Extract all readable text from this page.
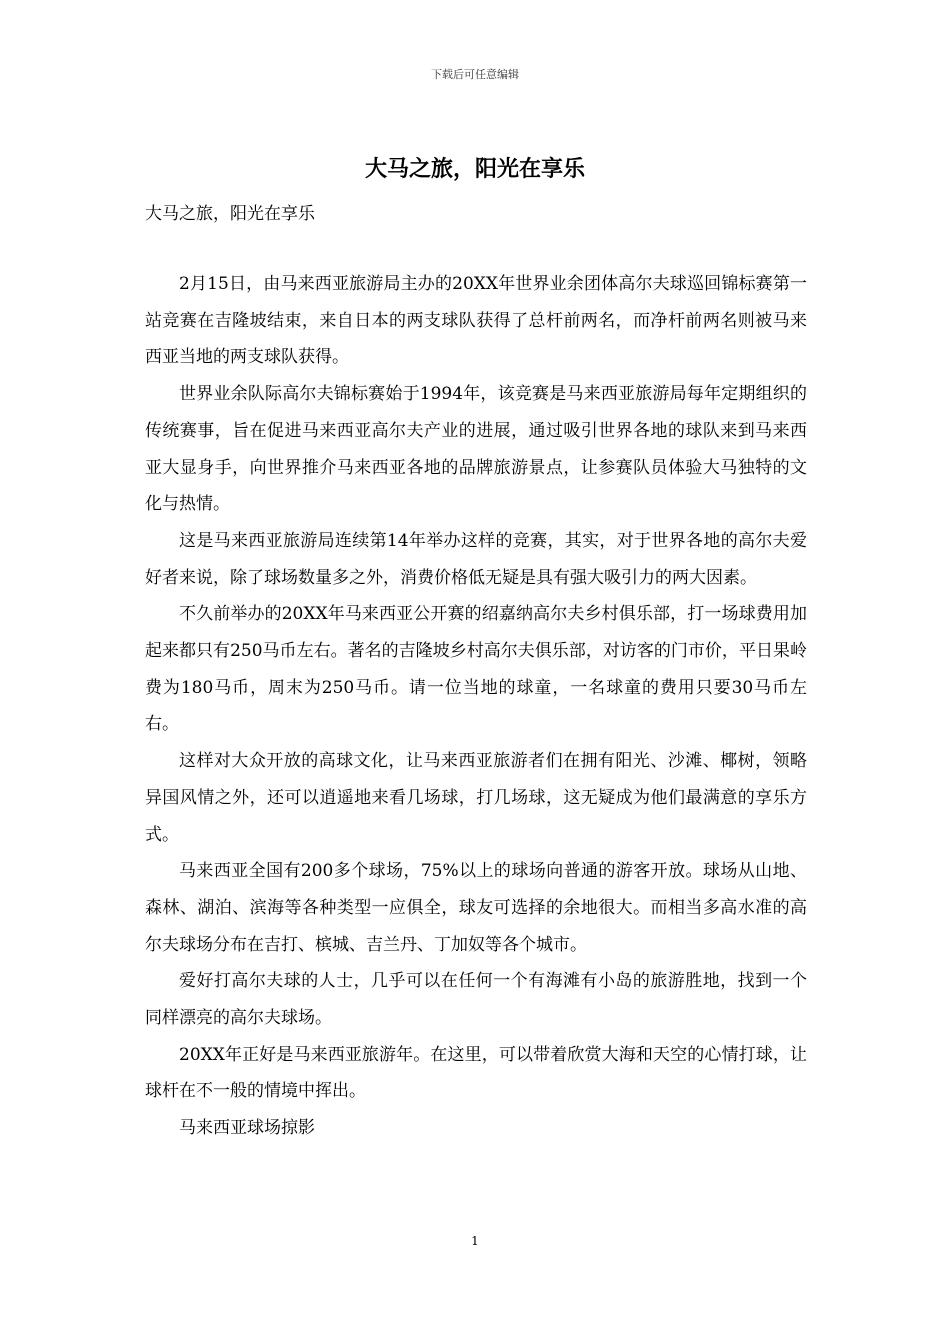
下载后可任意编辑
大马之旅，阳光在享乐
大马之旅，阳光在享乐

2月15日，由马来西亚旅游局主办的20XX年世界业余团体高尔夫球巡回锦标赛第一站竞赛在吉隆坡结束，来自日本的两支球队获得了总杆前两名，而净杆前两名则被马来西亚当地的两支球队获得。

世界业余队际高尔夫锦标赛始于1994年，该竞赛是马来西亚旅游局每年定期组织的传统赛事，旨在促进马来西亚高尔夫产业的进展，通过吸引世界各地的球队来到马来西亚大显身手，向世界推介马来西亚各地的品牌旅游景点，让参赛队员体验大马独特的文化与热情。

这是马来西亚旅游局连续第14年举办这样的竞赛，其实，对于世界各地的高尔夫爱好者来说，除了球场数量多之外，消费价格低无疑是具有强大吸引力的两大因素。

不久前举办的20XX年马来西亚公开赛的绍嘉纳高尔夫乡村俱乐部，打一场球费用加起来都只有250马币左右。著名的吉隆坡乡村高尔夫俱乐部，对访客的门市价，平日果岭费为180马币，周末为250马币。请一位当地的球童，一名球童的费用只要30马币左右。

这样对大众开放的高球文化，让马来西亚旅游者们在拥有阳光、沙滩、椰树，领略异国风情之外，还可以逍遥地来看几场球，打几场球，这无疑成为他们最满意的享乐方式。

马来西亚全国有200多个球场，75%以上的球场向普通的游客开放。球场从山地、森林、湖泊、滨海等各种类型一应俱全，球友可选择的余地很大。而相当多高水准的高尔夫球场分布在吉打、槟城、吉兰丹、丁加奴等各个城市。

爱好打高尔夫球的人士，几乎可以在任何一个有海滩有小岛的旅游胜地，找到一个同样漂亮的高尔夫球场。

20XX年正好是马来西亚旅游年。在这里，可以带着欣赏大海和天空的心情打球，让球杆在不一般的情境中挥出。

马来西亚球场掠影

1
